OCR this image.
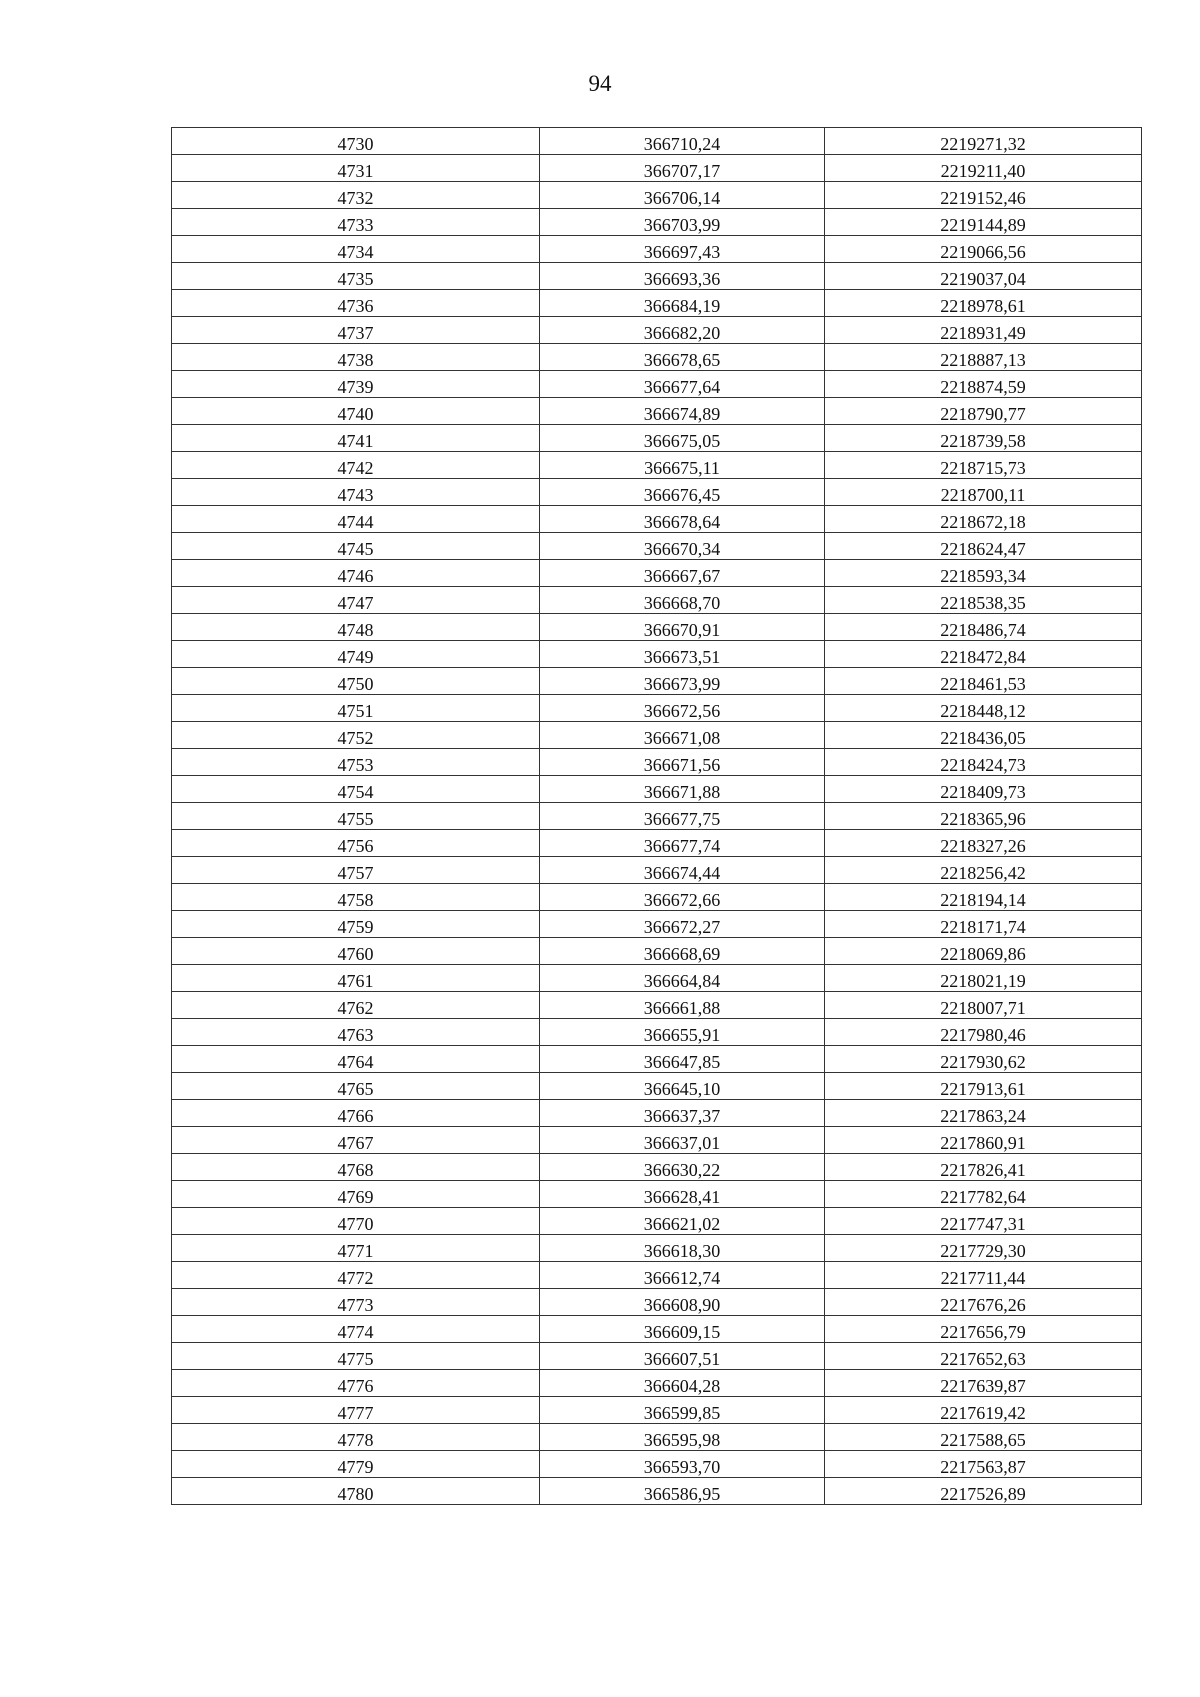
94
4730	366710,24	2219271,32
4731	366707,17	2219211,40
4732	366706,14	2219152,46
4733	366703,99	2219144,89
4734	366697,43	2219066,56
4735	366693,36	2219037,04
4736	366684,19	2218978,61
4737	366682,20	2218931,49
4738	366678,65	2218887,13
4739	366677,64	2218874,59
4740	366674,89	2218790,77
4741	366675,05	2218739,58
4742	366675,11	2218715,73
4743	366676,45	2218700,11
4744	366678,64	2218672,18
4745	366670,34	2218624,47
4746	366667,67	2218593,34
4747	366668,70	2218538,35
4748	366670,91	2218486,74
4749	366673,51	2218472,84
4750	366673,99	2218461,53
4751	366672,56	2218448,12
4752	366671,08	2218436,05
4753	366671,56	2218424,73
4754	366671,88	2218409,73
4755	366677,75	2218365,96
4756	366677,74	2218327,26
4757	366674,44	2218256,42
4758	366672,66	2218194,14
4759	366672,27	2218171,74
4760	366668,69	2218069,86
4761	366664,84	2218021,19
4762	366661,88	2218007,71
4763	366655,91	2217980,46
4764	366647,85	2217930,62
4765	366645,10	2217913,61
4766	366637,37	2217863,24
4767	366637,01	2217860,91
4768	366630,22	2217826,41
4769	366628,41	2217782,64
4770	366621,02	2217747,31
4771	366618,30	2217729,30
4772	366612,74	2217711,44
4773	366608,90	2217676,26
4774	366609,15	2217656,79
4775	366607,51	2217652,63
4776	366604,28	2217639,87
4777	366599,85	2217619,42
4778	366595,98	2217588,65
4779	366593,70	2217563,87
4780	366586,95	2217526,89
